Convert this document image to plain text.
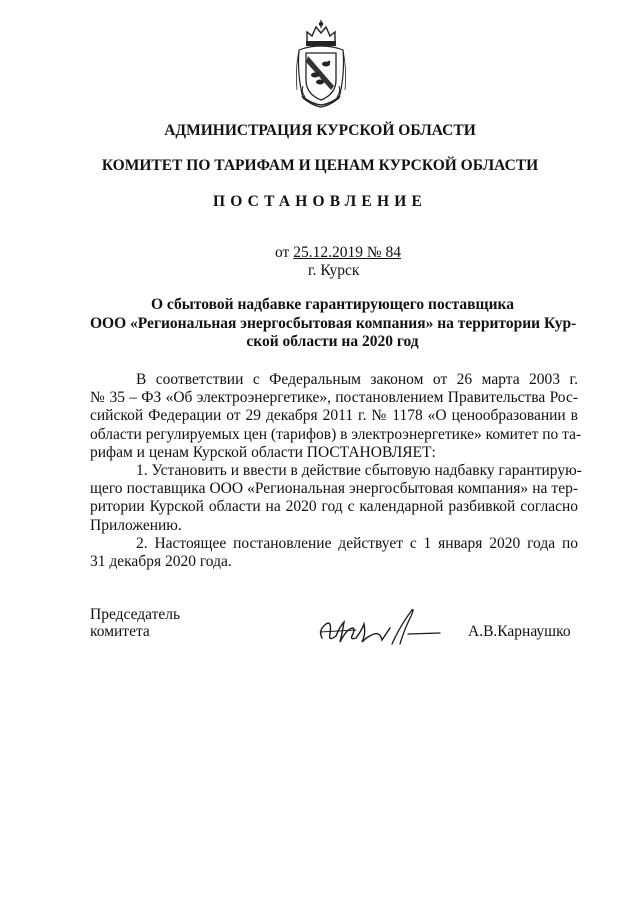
АДМИНИСТРАЦИЯ КУРСКОЙ ОБЛАСТИ
КОМИТЕТ ПО ТАРИФАМ И ЦЕНАМ КУРСКОЙ ОБЛАСТИ
ПОСТАНОВЛЕНИЕ
от 25.12.2019 № 84
г. Курск
О сбытовой надбавке гарантирующего поставщика
ООО «Региональная энергосбытовая компания» на территории Кур-
ской области на 2020 год
В соответствии с Федеральным законом от 26 марта 2003 г.
№ 35 – ФЗ «Об электроэнергетике», постановлением Правительства Рос-
сийской Федерации от 29 декабря 2011 г. № 1178 «О ценообразовании в
области регулируемых цен (тарифов) в электроэнергетике» комитет по та-
рифам и ценам Курской области ПОСТАНОВЛЯЕТ:
1. Установить и ввести в действие сбытовую надбавку гарантирую-
щего поставщика ООО «Региональная энергосбытовая компания» на тер-
ритории Курской области на 2020 год с календарной разбивкой согласно
Приложению.
2. Настоящее постановление действует с 1 января 2020 года по
31 декабря 2020 года.
Председатель
комитета	А.В.Карнаушко
